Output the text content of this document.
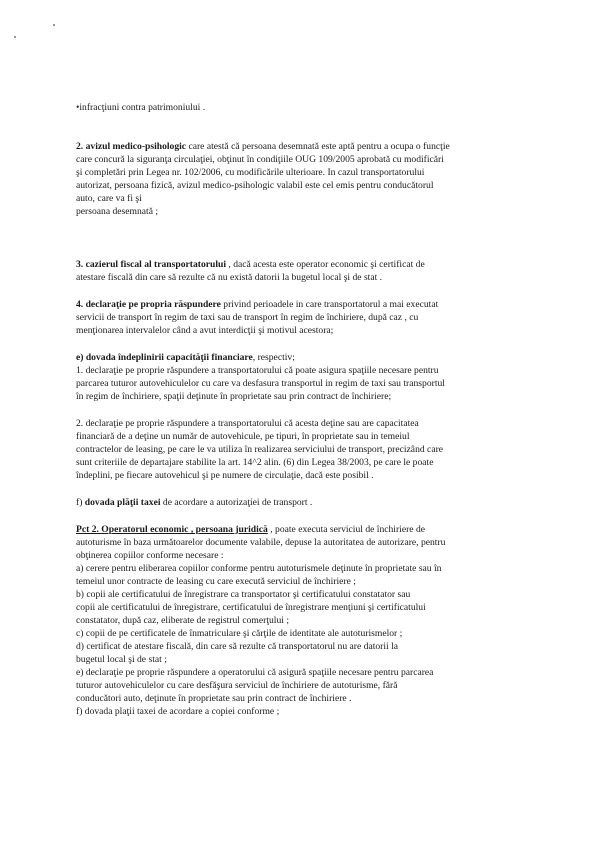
•infracţiuni contra patrimoniului .

2. avizul medico-psihologic care atestă că persoana desemnată este aptă pentru a ocupa o funcţie

care concură la siguranţa circulaţiei, obţinut în condiţiile OUG 109/2005 aprobată cu modificări

şi completări prin Legea nr. 102/2006, cu modificările ulterioare. In cazul transportatorului

autorizat, persoana fizică, avizul medico-psihologic valabil este cel emis pentru conducătorul

auto, care va fi şi

persoana desemnată ;

3. cazierul fiscal al transportatorului , dacă acesta este operator economic şi certificat de

atestare fiscală din care să rezulte că nu există datorii la bugetul local şi de stat .

4. declaraţie pe propria răspundere privind perioadele in care transportatorul a mai executat

servicii de transport în regim de taxi sau de transport în regim de închiriere, după caz , cu

menţionarea intervalelor când a avut interdicţii şi motivul acestora;

e) dovada îndeplinirii capacităţii financiare, respectiv;

1. declaraţie pe proprie răspundere a transportatorului că poate asigura spaţiile necesare pentru

parcarea tuturor autovehiculelor cu care va desfasura transportul in regim de taxi sau transportul

în regim de închiriere, spaţii deţinute în proprietate sau prin contract de închiriere;

2. declaraţie pe proprie răspundere a transportatorului că acesta deţine sau are capacitatea

financiară de a deţine un număr de autovehicule, pe tipuri, în proprietate sau in temeiul

contractelor de leasing, pe care le va utiliza în realizarea serviciului de transport, precizând care

sunt criteriile de departajare stabilite la art. 14^2 alin. (6) din Legea 38/2003, pe care le poate

îndeplini, pe fiecare autovehicul şi pe numere de circulaţie, dacă este posibil .

f) dovada plăţii taxei de acordare a autorizaţiei de transport .

Pct 2. Operatorul economic , persoana juridică , poate executa serviciul de închiriere de

autoturisme în baza următoarelor documente valabile, depuse la autoritatea de autorizare, pentru

obţinerea copiilor conforme necesare :

a) cerere pentru eliberarea copiilor conforme pentru autoturismele deţinute în proprietate sau în

temeiul unor contracte de leasing cu care execută serviciul de închiriere ;

b) copii ale certificatului de înregistrare ca transportator şi certificatului constatator sau

copii ale certificatului de înregistrare, certificatului de înregistrare menţiuni şi certificatului

constatator, după caz, eliberate de registrul comerţului ;

c) copii de pe certificatele de înmatriculare şi cărţile de identitate ale autoturismelor ;

d) certificat de atestare fiscală, din care să rezulte că transportatorul nu are datorii la

bugetul local şi de stat ;

e) declaraţie pe proprie răspundere a operatorului că asigură spaţiile necesare pentru parcarea

tuturor autovehiculelor cu care desfăşura serviciul de închiriere de autoturisme, fără

conducători auto, deţinute în proprietate sau prin contract de închiriere .

f) dovada plaţii taxei de acordare a copiei conforme ;
